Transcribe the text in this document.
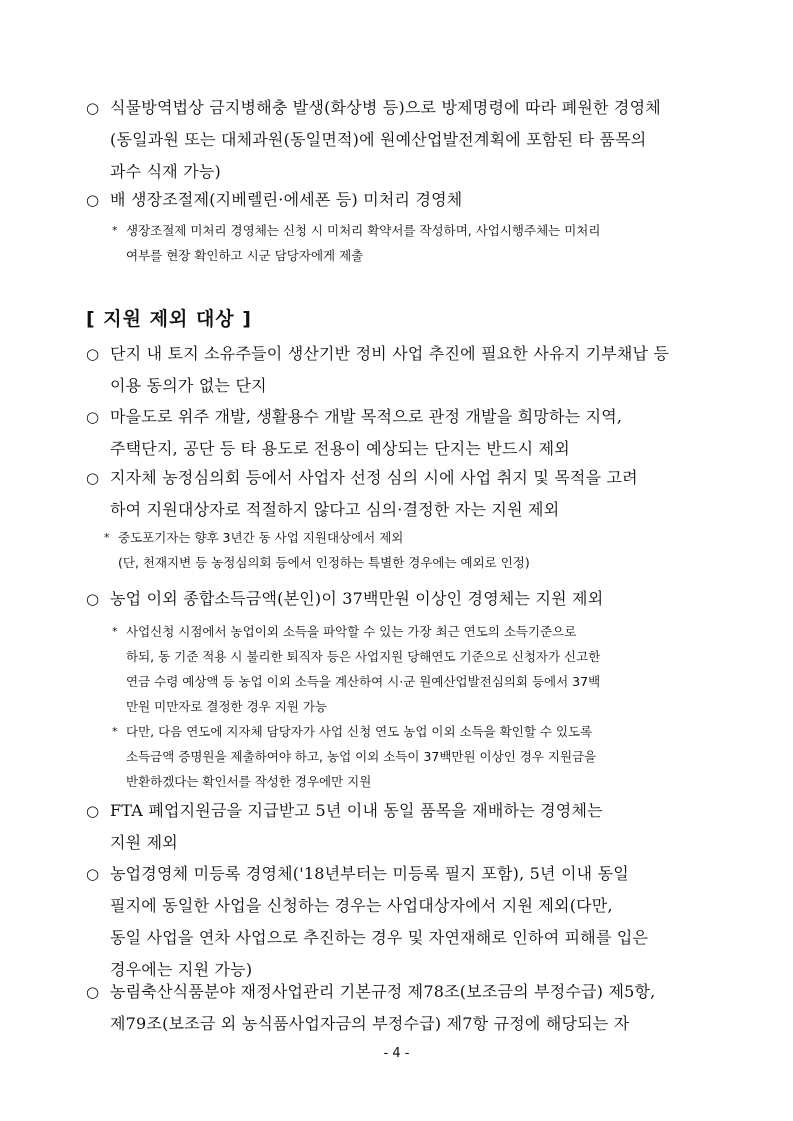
○ 식물방역법상 금지병해충 발생(화상병 등)으로 방제명령에 따라 폐원한 경영체
(동일과원 또는 대체과원(동일면적)에 원예산업발전계획에 포함된 타 품목의
과수 식재 가능)
○ 배 생장조절제(지베렐린·에세폰 등) 미처리 경영체
* 생장조절제 미처리 경영체는 신청 시 미처리 확약서를 작성하며, 사업시행주체는 미처리
여부를 현장 확인하고 시군 담당자에게 제출
[ 지원 제외 대상 ]
○ 단지 내 토지 소유주들이 생산기반 정비 사업 추진에 필요한 사유지 기부채납 등
이용 동의가 없는 단지
○ 마을도로 위주 개발, 생활용수 개발 목적으로 관정 개발을 희망하는 지역,
주택단지, 공단 등 타 용도로 전용이 예상되는 단지는 반드시 제외
○ 지자체 농정심의회 등에서 사업자 선정 심의 시에 사업 취지 및 목적을 고려
하여 지원대상자로 적절하지 않다고 심의·결정한 자는 지원 제외
* 중도포기자는 향후 3년간 동 사업 지원대상에서 제외
(단, 천재지변 등 농정심의회 등에서 인정하는 특별한 경우에는 예외로 인정)
○ 농업 이외 종합소득금액(본인)이 37백만원 이상인 경영체는 지원 제외
* 사업신청 시점에서 농업이외 소득을 파악할 수 있는 가장 최근 연도의 소득기준으로
하되, 동 기준 적용 시 불리한 퇴직자 등은 사업지원 당해연도 기준으로 신청자가 신고한
연금 수령 예상액 등 농업 이외 소득을 계산하여 시·군 원예산업발전심의회 등에서 37백
만원 미만자로 결정한 경우 지원 가능
* 다만, 다음 연도에 지자체 담당자가 사업 신청 연도 농업 이외 소득을 확인할 수 있도록
소득금액 증명원을 제출하여야 하고, 농업 이외 소득이 37백만원 이상인 경우 지원금을
반환하겠다는 확인서를 작성한 경우에만 지원
○ FTA 폐업지원금을 지급받고 5년 이내 동일 품목을 재배하는 경영체는
지원 제외
○ 농업경영체 미등록 경영체('18년부터는 미등록 필지 포함), 5년 이내 동일
필지에 동일한 사업을 신청하는 경우는 사업대상자에서 지원 제외(다만,
동일 사업을 연차 사업으로 추진하는 경우 및 자연재해로 인하여 피해를 입은
경우에는 지원 가능)
○ 농림축산식품분야 재정사업관리 기본규정 제78조(보조금의 부정수급) 제5항,
제79조(보조금 외 농식품사업자금의 부정수급) 제7항 규정에 해당되는 자
- 4 -
